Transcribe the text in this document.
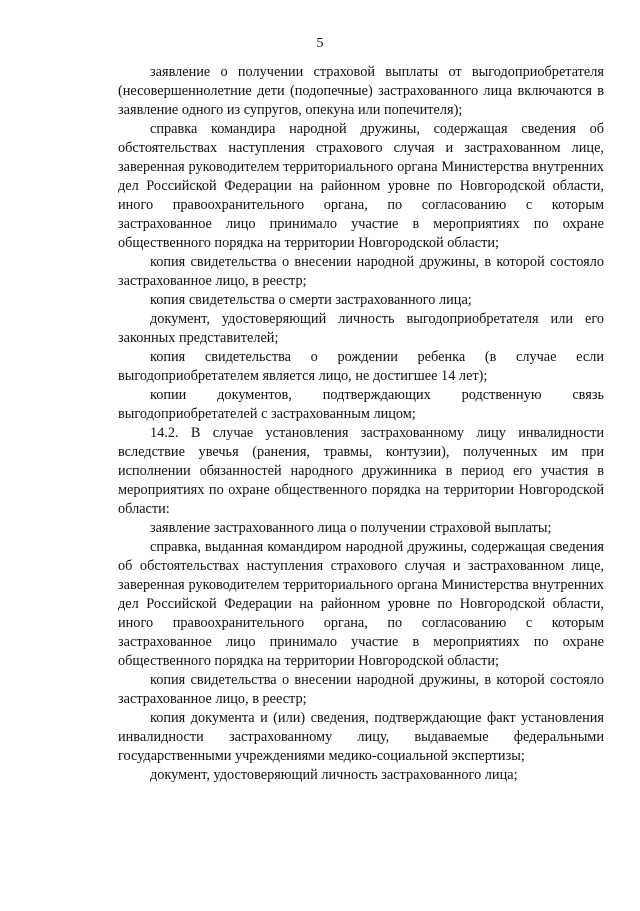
5

заявление о получении страховой выплаты от выгодоприобретателя (несовершеннолетние дети (подопечные) застрахованного лица включаются в заявление одного из супругов, опекуна или попечителя);

справка командира народной дружины, содержащая сведения об обстоятельствах наступления страхового случая и застрахованном лице, заверенная руководителем территориального органа Министерства внутренних дел Российской Федерации на районном уровне по Новгородской области, иного правоохранительного органа, по согласованию с которым застрахованное лицо принимало участие в мероприятиях по охране общественного порядка на территории Новгородской области;

копия свидетельства о внесении народной дружины, в которой состояло застрахованное лицо, в реестр;

копия свидетельства о смерти застрахованного лица;

документ, удостоверяющий личность выгодоприобретателя или его законных представителей;

копия свидетельства о рождении ребенка (в случае если выгодоприобретателем является лицо, не достигшее 14 лет);

копии документов, подтверждающих родственную связь выгодоприобретателей с застрахованным лицом;

14.2. В случае установления застрахованному лицу инвалидности вследствие увечья (ранения, травмы, контузии), полученных им при исполнении обязанностей народного дружинника в период его участия в мероприятиях по охране общественного порядка на территории Новгородской области:

заявление застрахованного лица о получении страховой выплаты;

справка, выданная командиром народной дружины, содержащая сведения об обстоятельствах наступления страхового случая и застрахованном лице, заверенная руководителем территориального органа Министерства внутренних дел Российской Федерации на районном уровне по Новгородской области, иного правоохранительного органа, по согласованию с которым застрахованное лицо принимало участие в мероприятиях по охране общественного порядка на территории Новгородской области;

копия свидетельства о внесении народной дружины, в которой состояло застрахованное лицо, в реестр;

копия документа и (или) сведения, подтверждающие факт установления инвалидности застрахованному лицу, выдаваемые федеральными государственными учреждениями медико-социальной экспертизы;

документ, удостоверяющий личность застрахованного лица;
